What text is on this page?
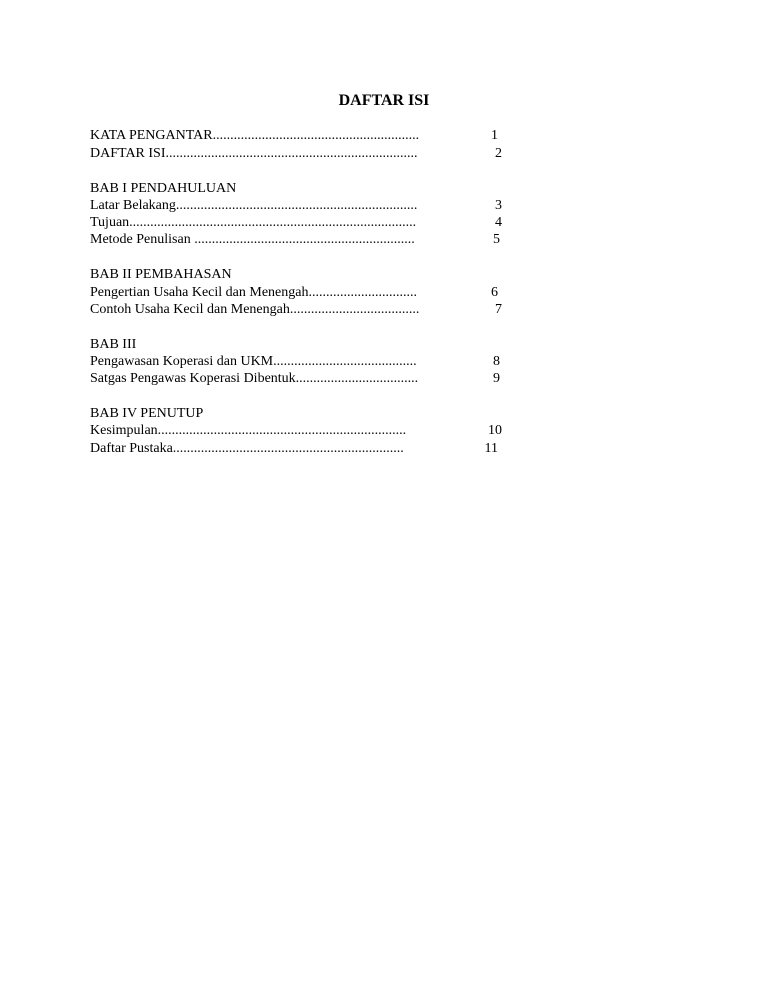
DAFTAR ISI
KATA PENGANTAR...........................................................	1
DAFTAR ISI........................................................................	2
BAB I PENDAHULUAN
Latar Belakang.....................................................................	3
Tujuan..................................................................................	4
Metode Penulisan ...............................................................	5
BAB II PEMBAHASAN
Pengertian Usaha Kecil dan Menengah...............................	6
Contoh Usaha Kecil dan Menengah.....................................	7
BAB III
Pengawasan Koperasi dan UKM.........................................	8
Satgas Pengawas Koperasi Dibentuk...................................	9
BAB IV PENUTUP
Kesimpulan.......................................................................	10
Daftar Pustaka..................................................................	11
